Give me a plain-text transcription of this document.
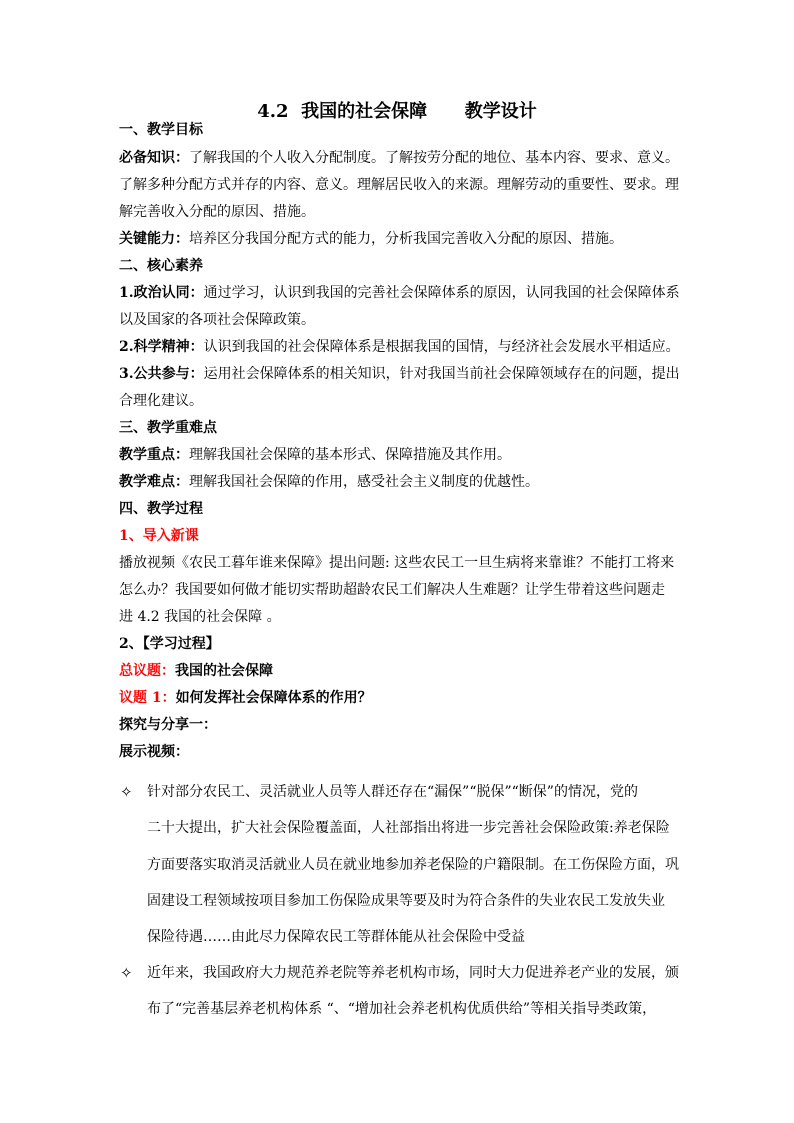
4.2  我国的社会保障      教学设计
一、教学目标
必备知识：了解我国的个人收入分配制度。了解按劳分配的地位、基本内容、要求、意义。
了解多种分配方式并存的内容、意义。理解居民收入的来源。理解劳动的重要性、要求。理
解完善收入分配的原因、措施。
关键能力：培养区分我国分配方式的能力，分析我国完善收入分配的原因、措施。
二、核心素养
1.政治认同：通过学习，认识到我国的完善社会保障体系的原因，认同我国的社会保障体系
以及国家的各项社会保障政策。
2.科学精神：认识到我国的社会保障体系是根据我国的国情，与经济社会发展水平相适应。
3.公共参与：运用社会保障体系的相关知识，针对我国当前社会保障领域存在的问题，提出
合理化建议。
三、教学重难点
教学重点：理解我国社会保障的基本形式、保障措施及其作用。
教学难点：理解我国社会保障的作用，感受社会主义制度的优越性。
四、教学过程
1、导入新课
播放视频《农民工暮年谁来保障》提出问题: 这些农民工一旦生病将来靠谁？不能打工将来
怎么办？我国要如何做才能切实帮助超龄农民工们解决人生难题？让学生带着这些问题走
进 4.2 我国的社会保障 。
2、【学习过程】
总议题：我国的社会保障
议题 1：如何发挥社会保障体系的作用？
探究与分享一：
展示视频：
✧ 针对部分农民工、灵活就业人员等人群还存在“漏保”“脱保”“断保”的情况，党的
二十大提出，扩大社会保险覆盖面，人社部指出将进一步完善社会保险政策:养老保险
方面要落实取消灵活就业人员在就业地参加养老保险的户籍限制。在工伤保险方面，巩
固建设工程领域按项目参加工伤保险成果等要及时为符合条件的失业农民工发放失业
保险待遇……由此尽力保障农民工等群体能从社会保险中受益
✧ 近年来，我国政府大力规范养老院等养老机构市场，同时大力促进养老产业的发展，颁
布了“完善基层养老机构体系 “、“增加社会养老机构优质供给”等相关指导类政策，
